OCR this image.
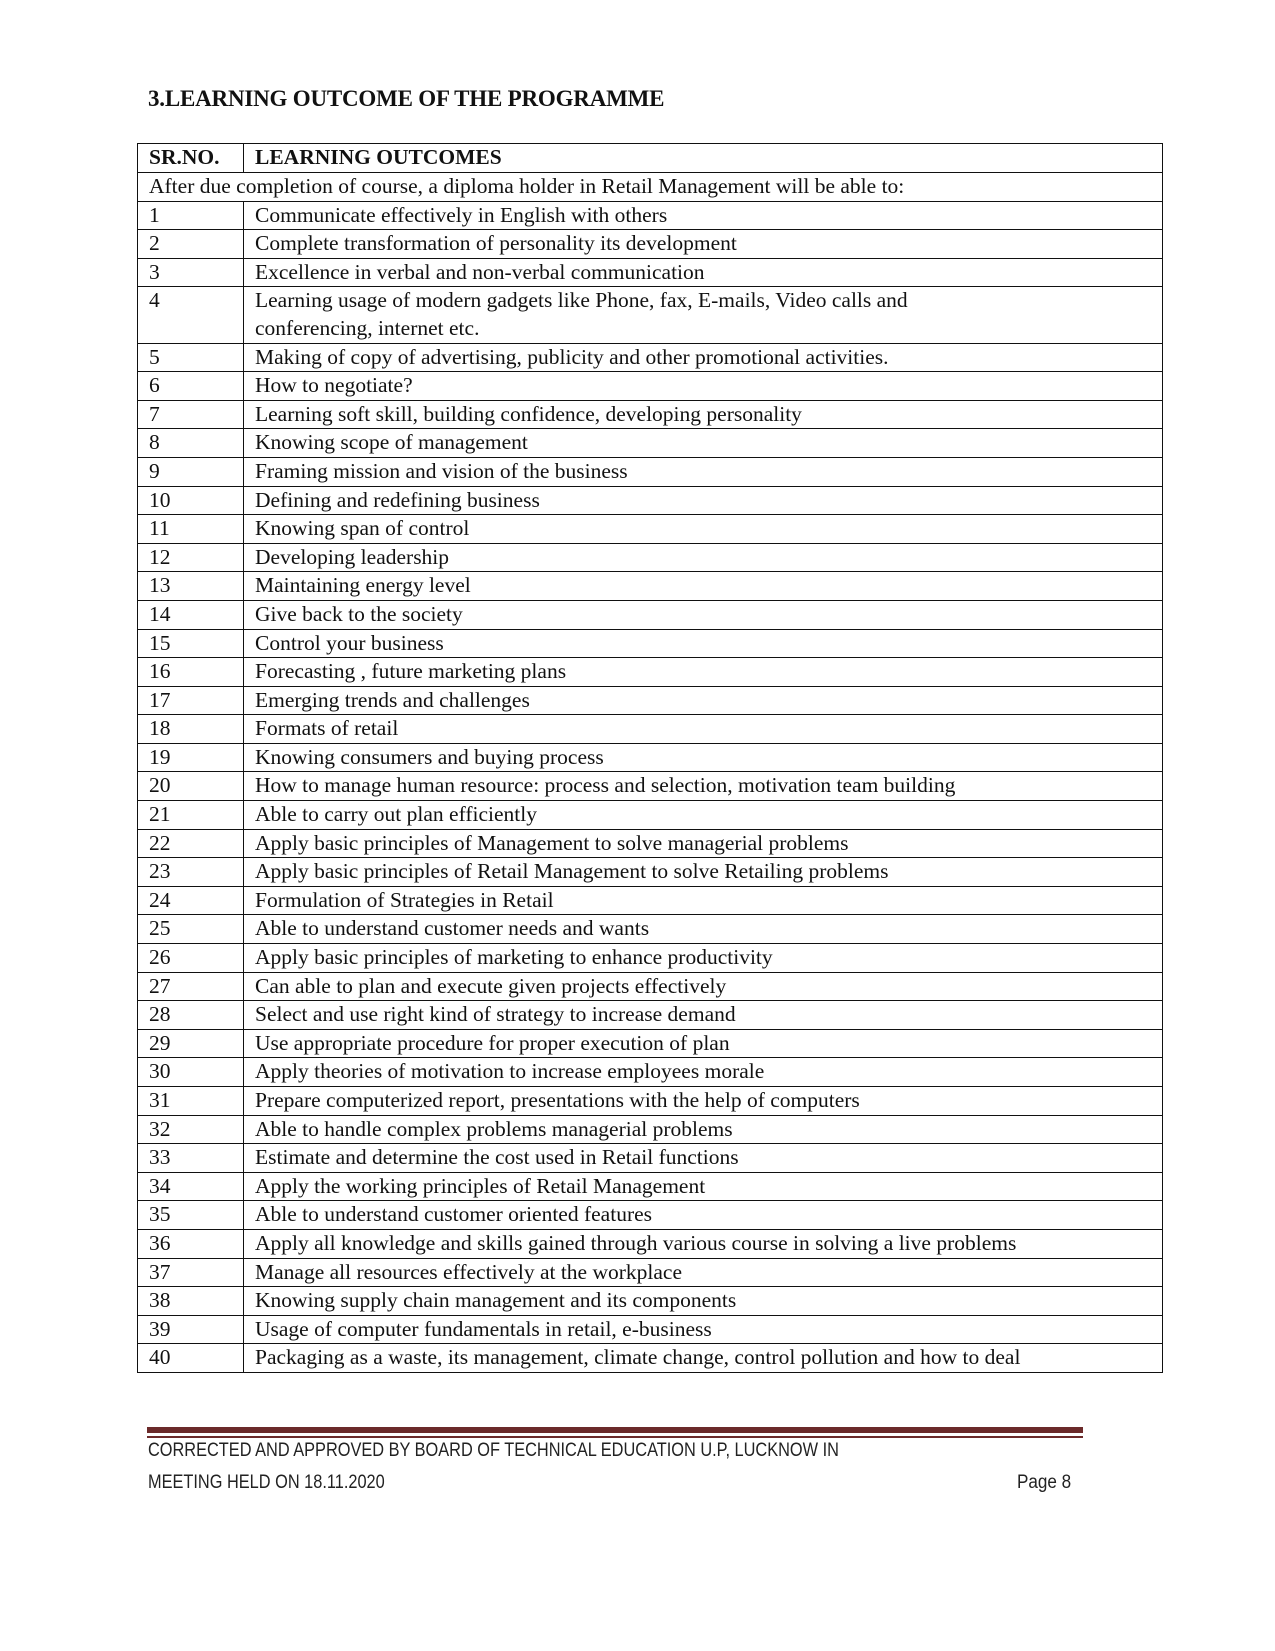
3.LEARNING OUTCOME OF THE PROGRAMME
SR.NO.	LEARNING OUTCOMES
After due completion of course, a diploma holder in Retail Management will be able to:	
1	Communicate effectively in English with others
2	Complete transformation of personality its development
3	Excellence in verbal and non-verbal communication
4	Learning usage of modern gadgets like Phone, fax, E-mails, Video calls and
conferencing, internet etc.

5	Making of copy of advertising, publicity and other promotional activities.
6	How to negotiate?
7	Learning soft skill, building confidence, developing personality
8	Knowing scope of management
9	Framing mission and vision of the business
10	Defining and redefining business
11	Knowing span of control
12	Developing leadership
13	Maintaining energy level
14	Give back to the society
15	Control your business
16	Forecasting , future marketing plans
17	Emerging trends and challenges
18	Formats of retail
19	Knowing consumers and buying process
20	How to manage human resource: process and selection, motivation team building
21	Able to carry out plan efficiently
22	Apply basic principles of Management to solve managerial problems
23	Apply basic principles of Retail Management to solve Retailing problems
24	Formulation of Strategies in Retail
25	Able to understand customer needs and wants
26	Apply basic principles of marketing to enhance productivity
27	Can able to plan and execute given projects effectively
28	Select and use right kind of strategy to increase demand
29	Use appropriate procedure for proper execution of plan
30	Apply theories of motivation to increase employees morale
31	Prepare computerized report, presentations with the help of computers
32	Able to handle complex problems managerial problems
33	Estimate and determine the cost used in Retail functions
34	Apply the working principles of Retail Management
35	Able to understand customer oriented features
36	Apply all knowledge and skills gained through various course in solving a live problems
37	Manage all resources effectively at the workplace
38	Knowing supply chain management and its components
39	Usage of computer fundamentals in retail, e-business
40	Packaging as a waste, its management, climate change, control pollution and how to deal
CORRECTED AND APPROVED BY BOARD OF TECHNICAL EDUCATION U.P, LUCKNOW IN
MEETING HELD ON 18.11.2020	Page 8
